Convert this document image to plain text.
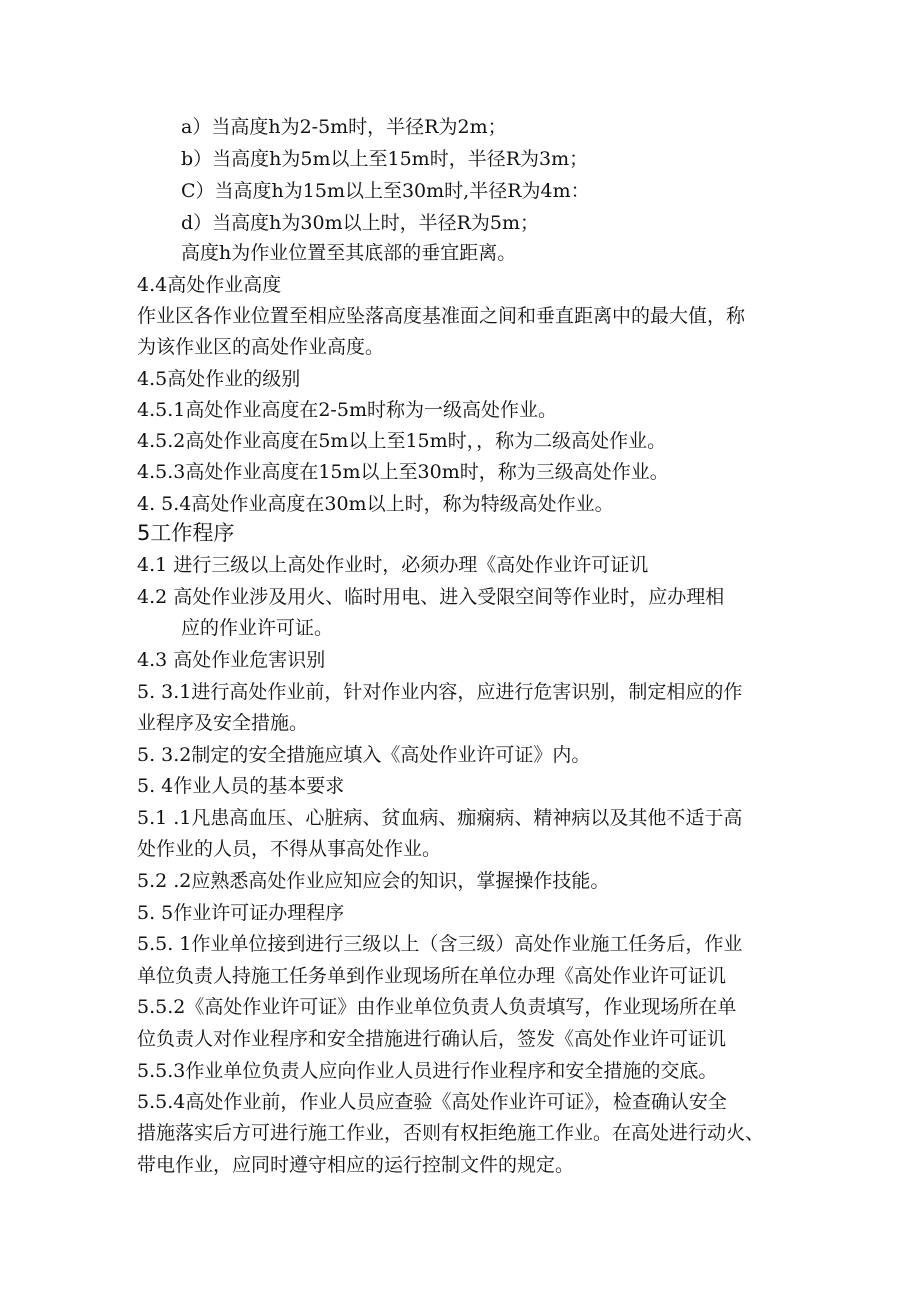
a）当高度h为2-5m时，半径R为2m；
b）当高度h为5m以上至15m时，半径R为3m；
C）当高度h为15m以上至30m时,半径R为4m：
d）当高度h为30m以上时，半径R为5m；
高度h为作业位置至其底部的垂宜距离。
4.4高处作业高度
作业区各作业位置至相应坠落高度基准面之间和垂直距离中的最大值，称
为该作业区的高处作业高度。
4.5高处作业的级别
4.5.1高处作业高度在2-5m时称为一级高处作业。
4.5.2高处作业高度在5m以上至15m时，，称为二级高处作业。
4.5.3高处作业高度在15m以上至30m时，称为三级高处作业。
4. 5.4高处作业高度在30m以上时，称为特级高处作业。
5工作程序
4.1 进行三级以上高处作业时，必须办理《高处作业许可证讥
4.2 高处作业涉及用火、临时用电、进入受限空间等作业时，应办理相
应的作业许可证。
4.3 高处作业危害识别
5. 3.1进行高处作业前，针对作业内容，应进行危害识别，制定相应的作
业程序及安全措施。
5. 3.2制定的安全措施应填入《高处作业许可证》内。
5. 4作业人员的基本要求
5.1 .1凡患高血压、心脏病、贫血病、痂痫病、精神病以及其他不适于高
处作业的人员，不得从事高处作业。
5.2 .2应熟悉高处作业应知应会的知识，掌握操作技能。
5. 5作业许可证办理程序
5.5. 1作业单位接到进行三级以上（含三级）高处作业施工任务后，作业
单位负责人持施工任务单到作业现场所在单位办理《高处作业许可证讥
5.5.2《高处作业许可证》由作业单位负责人负责填写，作业现场所在单
位负责人对作业程序和安全措施进行确认后，签发《高处作业许可证讥
5.5.3作业单位负责人应向作业人员进行作业程序和安全措施的交底。
5.5.4高处作业前，作业人员应查验《高处作业许可证》，检查确认安全
措施落实后方可进行施工作业，否则有权拒绝施工作业。在高处进行动火、
带电作业，应同时遵守相应的运行控制文件的规定。
